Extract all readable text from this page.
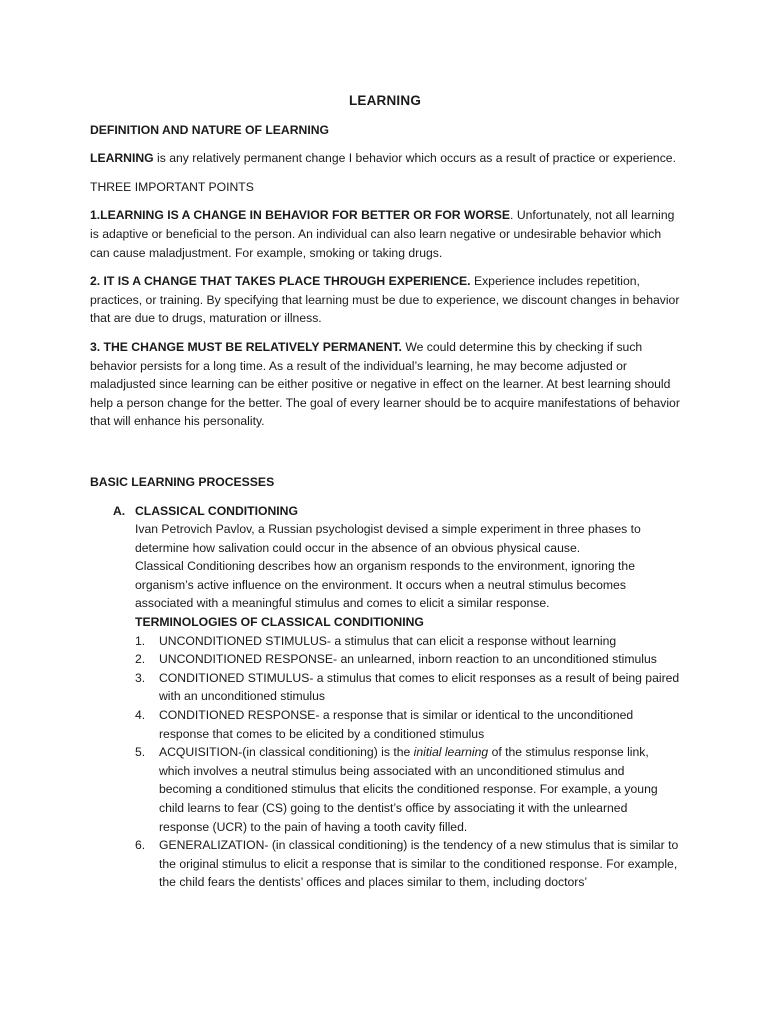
LEARNING
DEFINITION AND NATURE OF LEARNING

LEARNING is any relatively permanent change I behavior which occurs as a result of practice or experience.

THREE IMPORTANT POINTS

1.LEARNING IS A CHANGE IN BEHAVIOR FOR BETTER OR FOR WORSE. Unfortunately, not all learning is adaptive or beneficial to the person. An individual can also learn negative or undesirable behavior which can cause maladjustment. For example, smoking or taking drugs.

2. IT IS A CHANGE THAT TAKES PLACE THROUGH EXPERIENCE. Experience includes repetition, practices, or training. By specifying that learning must be due to experience, we discount changes in behavior that are due to drugs, maturation or illness.

3. THE CHANGE MUST BE RELATIVELY PERMANENT. We could determine this by checking if such behavior persists for a long time. As a result of the individual’s learning, he may become adjusted or maladjusted since learning can be either positive or negative in effect on the learner. At best learning should help a person change for the better. The goal of every learner should be to acquire manifestations of behavior that will enhance his personality.

BASIC LEARNING PROCESSES
A. CLASSICAL CONDITIONING
Ivan Petrovich Pavlov, a Russian psychologist devised a simple experiment in three phases to determine how salivation could occur in the absence of an obvious physical cause.
Classical Conditioning describes how an organism responds to the environment, ignoring the organism’s active influence on the environment. It occurs when a neutral stimulus becomes associated with a meaningful stimulus and comes to elicit a similar response.
TERMINOLOGIES OF CLASSICAL CONDITIONING
1.	UNCONDITIONED STIMULUS- a stimulus that can elicit a response without learning
2.	UNCONDITIONED RESPONSE- an unlearned, inborn reaction to an unconditioned stimulus
3.	CONDITIONED STIMULUS- a stimulus that comes to elicit responses as a result of being paired with an unconditioned stimulus
4.	CONDITIONED RESPONSE- a response that is similar or identical to the unconditioned response that comes to be elicited by a conditioned stimulus
5.	ACQUISITION-(in classical conditioning) is the initial learning of the stimulus response link, which involves a neutral stimulus being associated with an unconditioned stimulus and becoming a conditioned stimulus that elicits the conditioned response. For example, a young child learns to fear (CS) going to the dentist’s office by associating it with the unlearned response (UCR) to the pain of having a tooth cavity filled.
6.	GENERALIZATION- (in classical conditioning) is the tendency of a new stimulus that is similar to the original stimulus to elicit a response that is similar to the conditioned response. For example, the child fears the dentists’ offices and places similar to them, including doctors’
